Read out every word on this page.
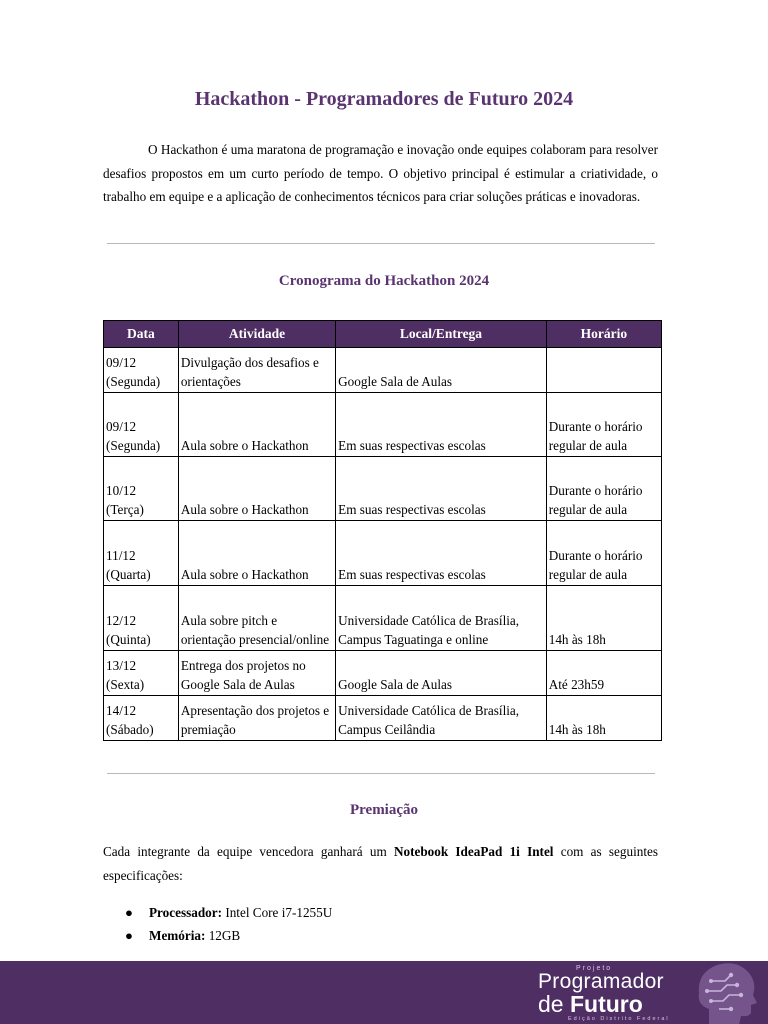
Hackathon - Programadores de Futuro 2024

O Hackathon é uma maratona de programação e inovação onde equipes colaboram para resolver desafios propostos em um curto período de tempo. O objetivo principal é estimular a criatividade, o trabalho em equipe e a aplicação de conhecimentos técnicos para criar soluções práticas e inovadoras.

Cronograma do Hackathon 2024
Data	Atividade	Local/Entrega	Horário
09/12
(Segunda)	Divulgação dos desafios e orientações	Google Sala de Aulas	
09/12
(Segunda)	Aula sobre o Hackathon	Em suas respectivas escolas	Durante o horário regular de aula
10/12
(Terça)	Aula sobre o Hackathon	Em suas respectivas escolas	Durante o horário regular de aula
11/12
(Quarta)	Aula sobre o Hackathon	Em suas respectivas escolas	Durante o horário regular de aula
12/12
(Quinta)	Aula sobre pitch e orientação presencial/online	Universidade Católica de Brasília, Campus Taguatinga e online	14h às 18h
13/12
(Sexta)	Entrega dos projetos no Google Sala de Aulas	Google Sala de Aulas	Até 23h59
14/12
(Sábado)	Apresentação dos projetos e premiação	Universidade Católica de Brasília, Campus Ceilândia	14h às 18h
Premiação

Cada integrante da equipe vencedora ganhará um Notebook IdeaPad 1i Intel com as seguintes especificações:

● Processador: Intel Core i7-1255U
● Memória: 12GB
Projeto
Programador
de Futuro
Edição Distrito Federal
